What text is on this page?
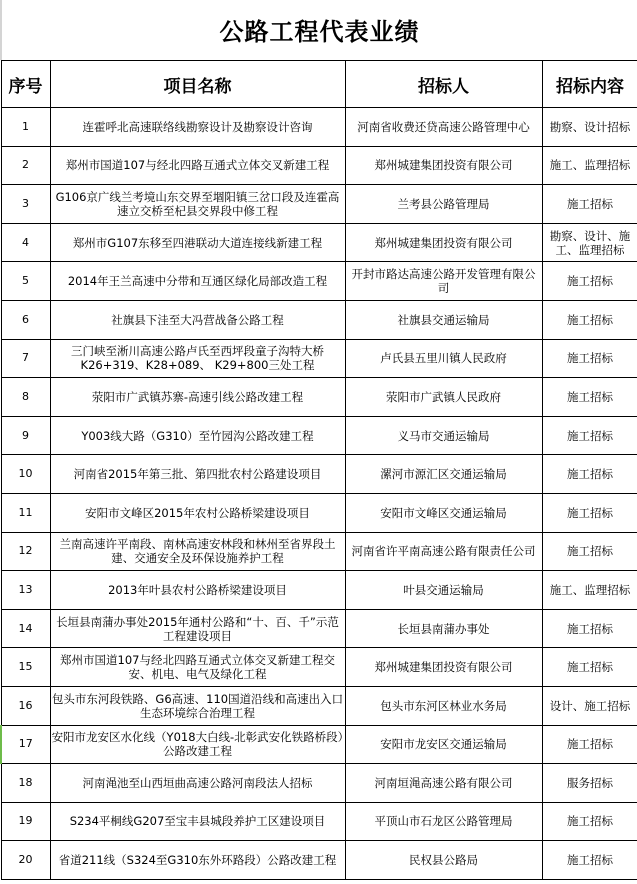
公路工程代表业绩
序号	项目名称	招标人	招标内容
1	连霍呼北高速联络线勘察设计及勘察设计咨询	河南省收费还贷高速公路管理中心	勘察、设计招标
2	郑州市国道107与经北四路互通式立体交叉新建工程	郑州城建集团投资有限公司	施工、监理招标
3	G106京广线兰考境山东交界至堌阳镇三岔口段及连霍高速立交桥至杞县交界段中修工程	兰考县公路管理局	施工招标
4	郑州市G107东移至四港联动大道连接线新建工程	郑州城建集团投资有限公司	勘察、设计、施工、监理招标
5	2014年王兰高速中分带和互通区绿化局部改造工程	开封市路达高速公路开发管理有限公司	施工招标
6	社旗县下洼至大冯营战备公路工程	社旗县交通运输局	施工招标
7	三门峡至淅川高速公路卢氏至西坪段童子沟特大桥K26+319、K28+089、 K29+800三处工程	卢氏县五里川镇人民政府	施工招标
8	荥阳市广武镇苏寨-高速引线公路改建工程	荥阳市广武镇人民政府	施工招标
9	Y003线大路（G310）至竹园沟公路改建工程	义马市交通运输局	施工招标
10	河南省2015年第三批、第四批农村公路建设项目	漯河市源汇区交通运输局	施工招标
11	安阳市文峰区2015年农村公路桥梁建设项目	安阳市文峰区交通运输局	施工招标
12	兰南高速许平南段、南林高速安林段和林州至省界段土建、交通安全及环保设施养护工程	河南省许平南高速公路有限责任公司	施工招标
13	2013年叶县农村公路桥梁建设项目	叶县交通运输局	施工、监理招标
14	长垣县南蒲办事处2015年通村公路和“十、百、千”示范工程建设项目	长垣县南蒲办事处	施工招标
15	郑州市国道107与经北四路互通式立体交叉新建工程交安、机电、电气及绿化工程	郑州城建集团投资有限公司	施工招标
16	包头市东河段铁路、G6高速、110国道沿线和高速出入口生态环境综合治理工程	包头市东河区林业水务局	设计、施工招标
17	安阳市龙安区水化线（Y018大白线-北彰武安化铁路桥段）公路改建工程	安阳市龙安区交通运输局	施工招标
18	河南渑池至山西垣曲高速公路河南段法人招标	河南垣渑高速公路有限公司	服务招标
19	S234平桐线G207至宝丰县城段养护工区建设项目	平顶山市石龙区公路管理局	施工招标
20	省道211线（S324至G310东外环路段）公路改建工程	民权县公路局	施工招标
